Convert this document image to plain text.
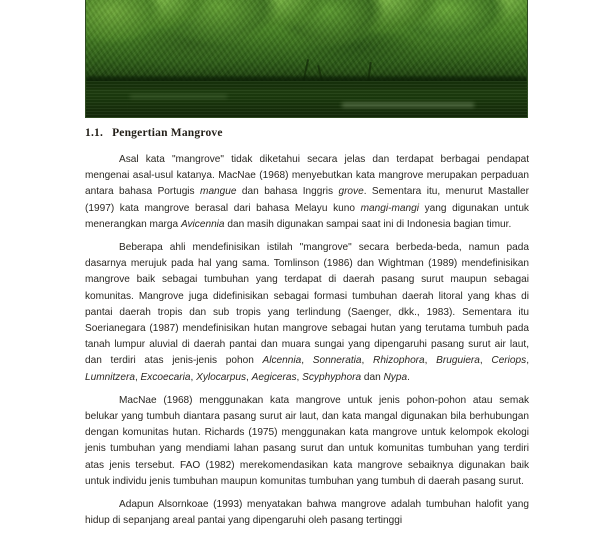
1.1. Pengertian Mangrove

Asal kata "mangrove" tidak diketahui secara jelas dan terdapat berbagai pendapat mengenai asal-usul katanya. MacNae (1968) menyebutkan kata mangrove merupakan perpaduan antara bahasa Portugis mangue dan bahasa Inggris grove. Sementara itu, menurut Mastaller (1997) kata mangrove berasal dari bahasa Melayu kuno mangi-mangi yang digunakan untuk menerangkan marga Avicennia dan masih digunakan sampai saat ini di Indonesia bagian timur.

Beberapa ahli mendefinisikan istilah "mangrove" secara berbeda-beda, namun pada dasarnya merujuk pada hal yang sama. Tomlinson (1986) dan Wightman (1989) mendefinisikan mangrove baik sebagai tumbuhan yang terdapat di daerah pasang surut maupun sebagai komunitas. Mangrove juga didefinisikan sebagai formasi tumbuhan daerah litoral yang khas di pantai daerah tropis dan sub tropis yang terlindung (Saenger, dkk., 1983). Sementara itu Soerianegara (1987) mendefinisikan hutan mangrove sebagai hutan yang terutama tumbuh pada tanah lumpur aluvial di daerah pantai dan muara sungai yang dipengaruhi pasang surut air laut, dan terdiri atas jenis-jenis pohon Alcennia, Sonneratia, Rhizophora, Bruguiera, Ceriops, Lumnitzera, Excoecaria, Xylocarpus, Aegiceras, Scyphyphora dan Nypa.

MacNae (1968) menggunakan kata mangrove untuk jenis pohon-pohon atau semak belukar yang tumbuh diantara pasang surut air laut, dan kata mangal digunakan bila berhubungan dengan komunitas hutan. Richards (1975) menggunakan kata mangrove untuk kelompok ekologi jenis tumbuhan yang mendiami lahan pasang surut dan untuk komunitas tumbuhan yang terdiri atas jenis tersebut. FAO (1982) merekomendasikan kata mangrove sebaiknya digunakan baik untuk individu jenis tumbuhan maupun komunitas tumbuhan yang tumbuh di daerah pasang surut.

Adapun Alsornkoae (1993) menyatakan bahwa mangrove adalah tumbuhan halofit yang hidup di sepanjang areal pantai yang dipengaruhi oleh pasang tertinggi
